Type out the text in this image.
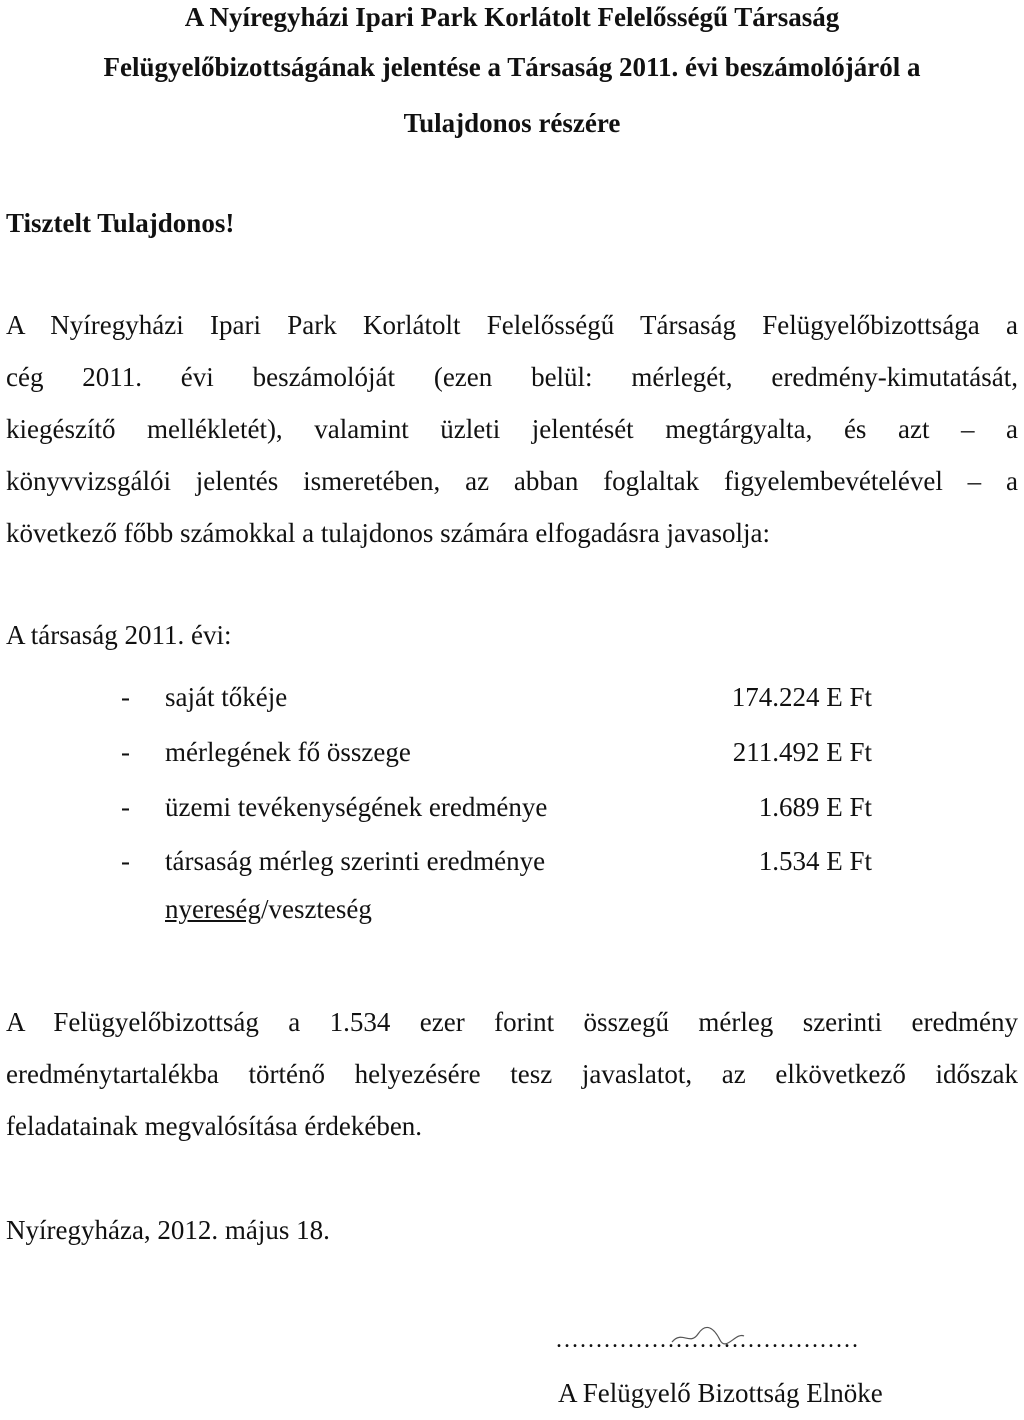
A Nyíregyházi Ipari Park Korlátolt Felelősségű Társaság
Felügyelőbizottságának jelentése a Társaság 2011. évi beszámolójáról a
Tulajdonos részére
Tisztelt Tulajdonos!
A Nyíregyházi Ipari Park Korlátolt Felelősségű Társaság Felügyelőbizottsága a
cég 2011. évi beszámolóját (ezen belül: mérlegét, eredmény-kimutatását,
kiegészítő mellékletét), valamint üzleti jelentését megtárgyalta, és azt – a
könyvvizsgálói jelentés ismeretében, az abban foglaltak figyelembevételével – a
következő főbb számokkal a tulajdonos számára elfogadásra javasolja:
A társaság 2011. évi:
- saját tőkéje	174.224 E Ft
- mérlegének fő összege	211.492 E Ft
- üzemi tevékenységének eredménye	1.689 E Ft
- társaság mérleg szerinti eredménye	1.534 E Ft
nyereség/veszteség
A Felügyelőbizottság a 1.534 ezer forint összegű mérleg szerinti eredmény
eredménytartalékba történő helyezésére tesz javaslatot, az elkövetkező időszak
feladatainak megvalósítása érdekében.
Nyíregyháza, 2012. május 18.
......................................
A Felügyelő Bizottság Elnöke
